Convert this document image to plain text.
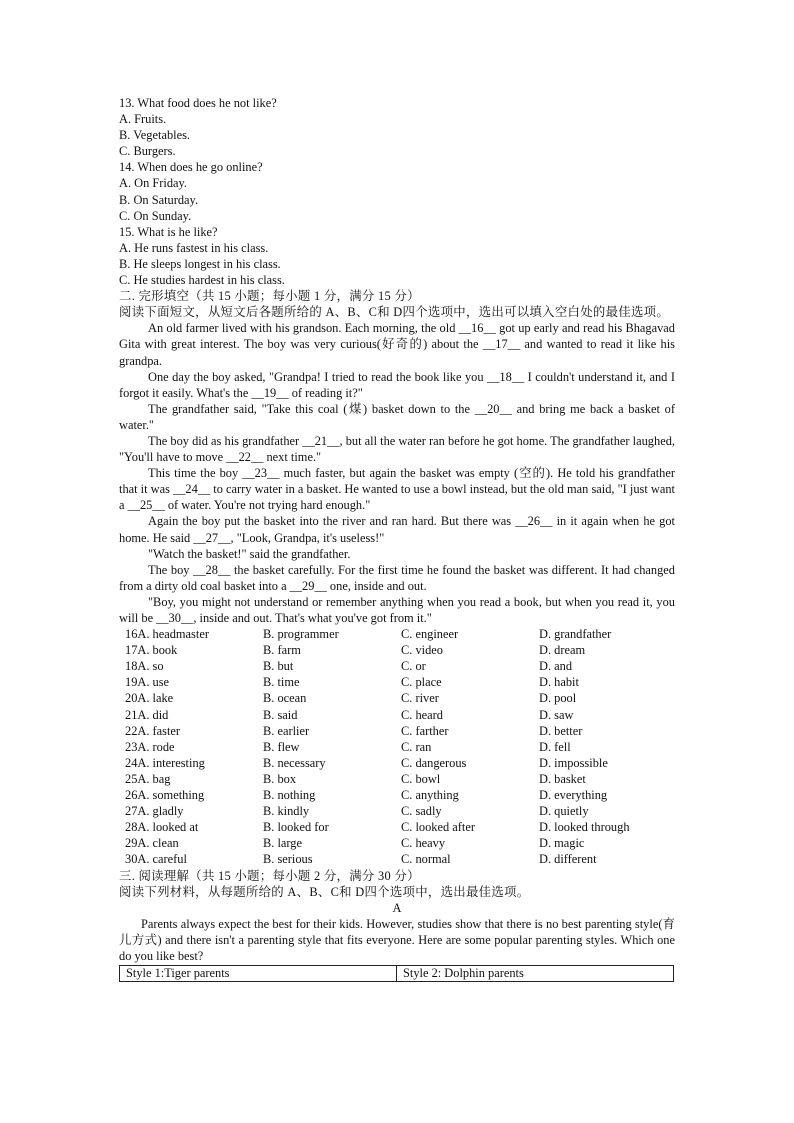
13. What food does he not like?
A. Fruits.
B. Vegetables.
C. Burgers.
14. When does he go online?
A. On Friday.
B. On Saturday.
C. On Sunday.
15. What is he like?
A. He runs fastest in his class.
B. He sleeps longest in his class.
C. He studies hardest in his class.
二. 完形填空（共 15 小题；每小题 1 分，满分 15 分）

阅读下面短文，从短文后各题所给的 A、B、C和 D四个选项中，选出可以填入空白处的最佳选项。

An old farmer lived with his grandson. Each morning, the old __16__ got up early and read his Bhagavad Gita with great interest. The boy was very curious(好奇的) about the __17__ and wanted to read it like his grandpa.

One day the boy asked, "Grandpa! I tried to read the book like you __18__ I couldn't understand it, and I forgot it easily. What's the __19__ of reading it?"

The grandfather said, "Take this coal (煤) basket down to the __20__ and bring me back a basket of water."

The boy did as his grandfather __21__, but all the water ran before he got home. The grandfather laughed, "You'll have to move __22__ next time."

This time the boy __23__ much faster, but again the basket was empty (空的). He told his grandfather that it was __24__ to carry water in a basket. He wanted to use a bowl instead, but the old man said, "I just want a __25__ of water. You're not trying hard enough."

Again the boy put the basket into the river and ran hard. But there was __26__ in it again when he got home. He said __27__, "Look, Grandpa, it's useless!"

"Watch the basket!" said the grandfather.

The boy __28__ the basket carefully. For the first time he found the basket was different. It had changed from a dirty old coal basket into a __29__ one, inside and out.

"Boy, you might not understand or remember anything when you read a book, but when you read it, you will be __30__, inside and out. That's what you've got from it."

16A. headmaster	B. programmer	C. engineer	D. grandfather
17A. book	B. farm	C. video	D. dream
18A. so	B. but	C. or	D. and
19A. use	B. time	C. place	D. habit
20A. lake	B. ocean	C. river	D. pool
21A. did	B. said	C. heard	D. saw
22A. faster	B. earlier	C. farther	D. better
23A. rode	B. flew	C. ran	D. fell
24A. interesting	B. necessary	C. dangerous	D. impossible
25A. bag	B. box	C. bowl	D. basket
26A. something	B. nothing	C. anything	D. everything
27A. gladly	B. kindly	C. sadly	D. quietly
28A. looked at	B. looked for	C. looked after	D. looked through
29A. clean	B. large	C. heavy	D. magic
30A. careful	B. serious	C. normal	D. different
三. 阅读理解（共 15 小题；每小题 2 分，满分 30 分）
阅读下列材料，从每题所给的 A、B、C和 D四个选项中，选出最佳选项。
A

Parents always expect the best for their kids. However, studies show that there is no best parenting style(育儿方式) and there isn't a parenting style that fits everyone. Here are some popular parenting styles. Which one do you like best?

Style 1:Tiger parents	Style 2: Dolphin parents
